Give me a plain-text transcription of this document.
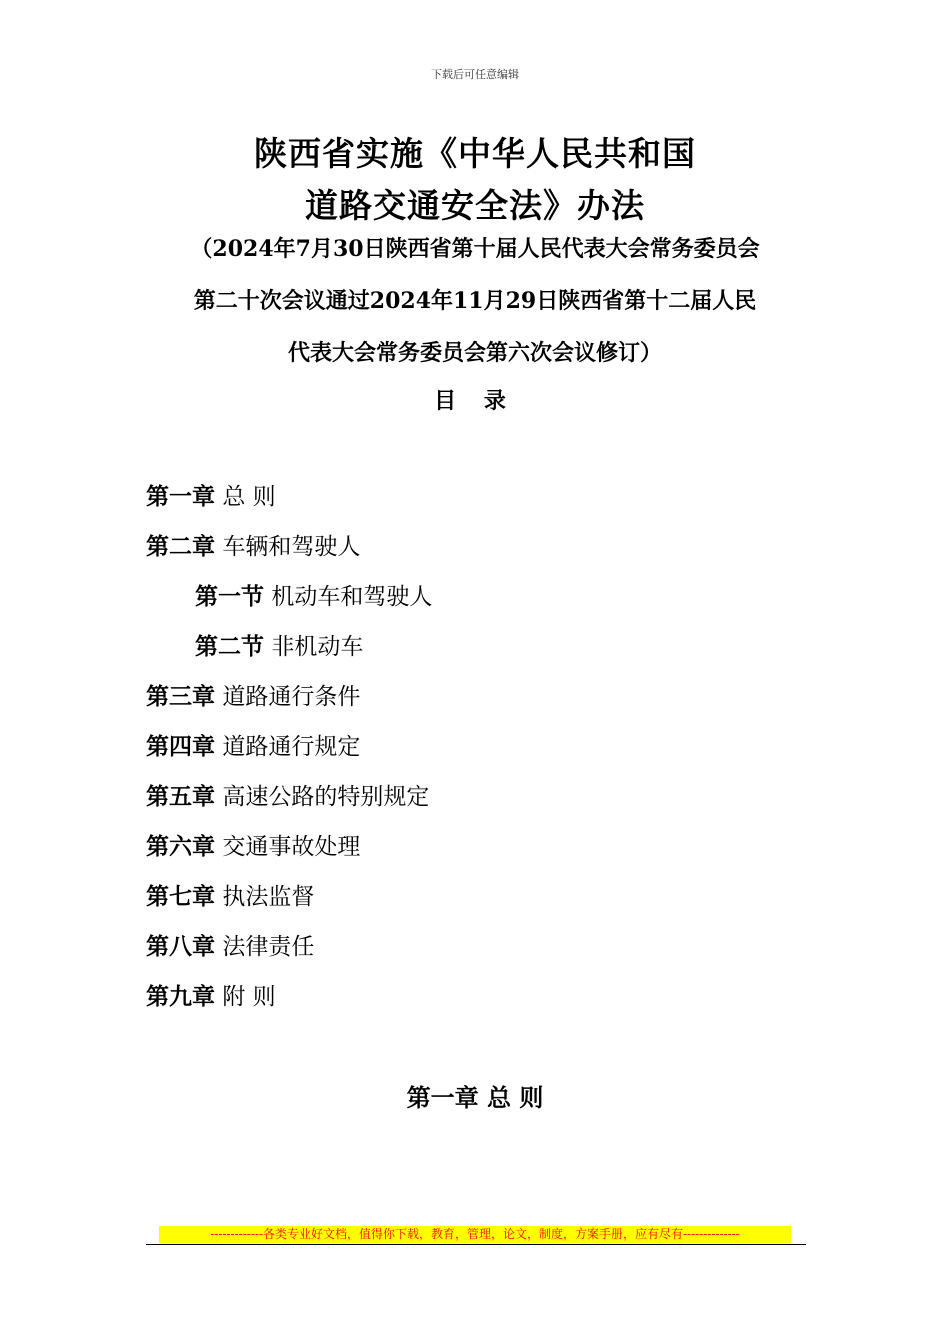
下载后可任意编辑
陕西省实施《中华人民共和国
道路交通安全法》办法
（2024年7月30日陕西省第十届人民代表大会常务委员会
第二十次会议通过2024年11月29日陕西省第十二届人民
代表大会常务委员会第六次会议修订）
目 录
第一章 总 则
第二章 车辆和驾驶人
第一节 机动车和驾驶人
第二节 非机动车
第三章 道路通行条件
第四章 道路通行规定
第五章 高速公路的特别规定
第六章 交通事故处理
第七章 执法监督
第八章 法律责任
第九章 附 则
第一章 总 则
-------------各类专业好文档，值得你下载，教育，管理，论文，制度，方案手册，应有尽有--------------
